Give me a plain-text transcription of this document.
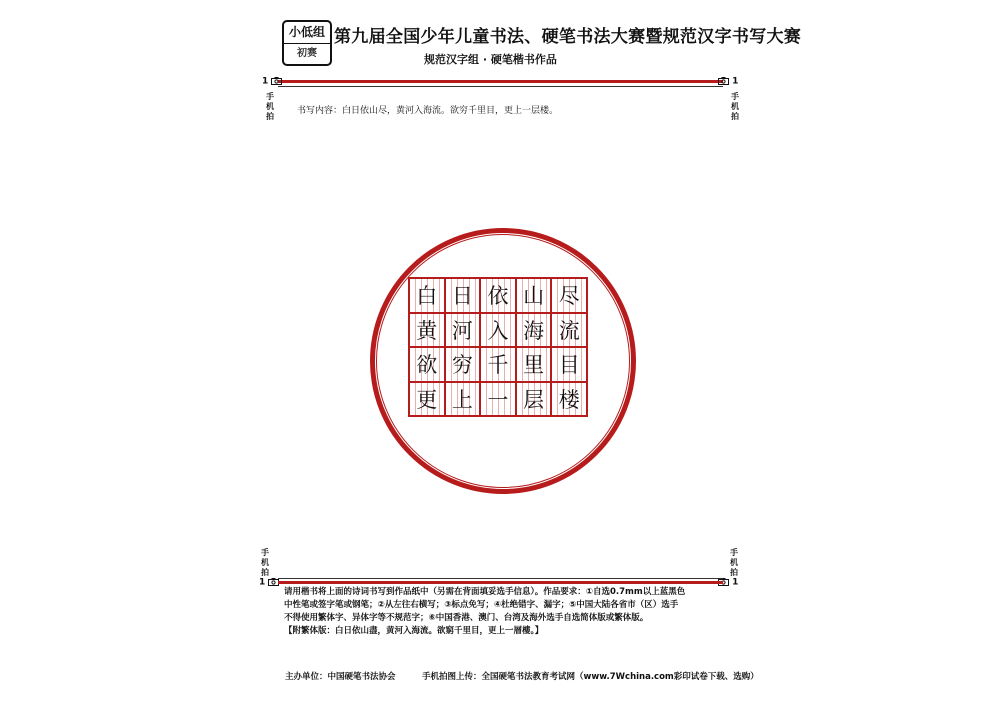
小低组
初赛
第九届全国少年儿童书法、硬笔书法大赛暨规范汉字书写大赛
规范汉字组 · 硬笔楷书作品
1
手
机
拍
1
手
机
拍
书写内容：白日依山尽，黄河入海流。欲穷千里目，更上一层楼。
白 日 依 山 尽
黄 河 入 海 流
欲 穷 千 里 目
更 上 一 层 楼
手
机
拍
1
手
机
拍
1
请用楷书将上面的诗词书写到作品纸中（另需在背面填妥选手信息）。作品要求：①自选0.7mm以上蓝黑色
中性笔或签字笔或钢笔；②从左往右横写；③标点免写；④杜绝错字、漏字；⑤中国大陆各省市（区）选手
不得使用繁体字、异体字等不规范字；⑥中国香港、澳门、台湾及海外选手自选简体版或繁体版。
【附繁体版：白日依山盡，黄河入海流。欲窮千里目，更上一層樓。】
主办单位：中国硬笔书法协会	手机拍图上传：全国硬笔书法教育考试网（www.7Wchina.com彩印试卷下载、选购）
